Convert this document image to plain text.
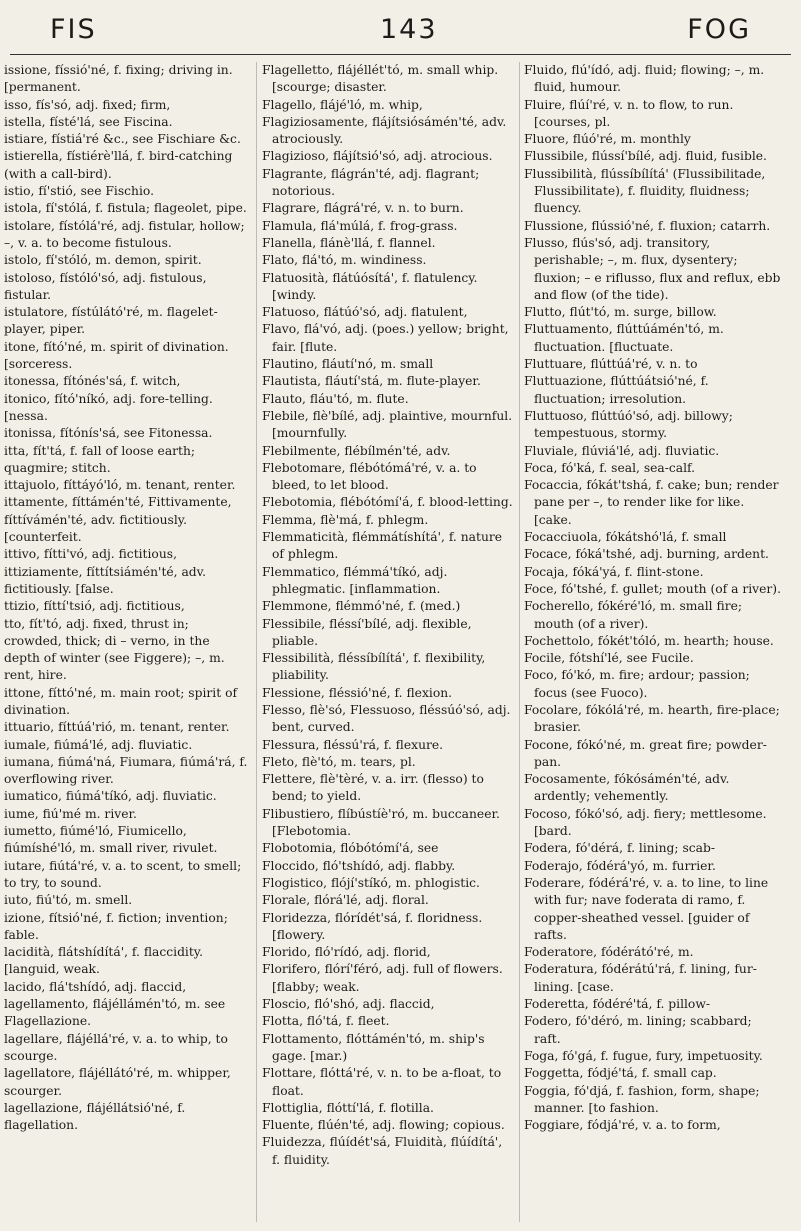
FIS	143	FOG

issione, físsió'né, f. fixing; driving in. [permanent.

isso, fís'só, adj. fixed; firm,

istella, físté'lá, see Fiscina.

istiare, fístiá'ré &c., see Fischiare &c.

istierella, fístiérè'llá, f. bird-catching (with a call-bird).

istio, fí'stió, see Fischio.

istola, fí'stólá, f. fistula; flageolet, pipe.

istolare, fístólá'ré, adj. fistular, hollow; –, v. a. to become fistulous.

istolo, fí'stóló, m. demon, spirit.

istoloso, fístóló'só, adj. fistulous, fistular.

istulatore, fístúlátó'ré, m. flagelet-player, piper.

itone, fító'né, m. spirit of divination. [sorceress.

itonessa, fítónés'sá, f. witch,

itonico, fító'níkó, adj. fore-telling. [nessa.

itonissa, fítónís'sá, see Fitonessa.

itta, fít'tá, f. fall of loose earth; quagmire; stitch.

ittajuolo, fíttáyó'ló, m. tenant, renter.

ittamente, fíttámén'té, Fittivamente, fíttívámén'té, adv. fictitiously. [counterfeit.

ittivo, fítti'vó, adj. fictitious,

ittiziamente, fíttítsiámén'té, adv. fictitiously. [false.

ttizio, fíttí'tsió, adj. fictitious,

tto, fít'tó, adj. fixed, thrust in; crowded, thick; di – verno, in the depth of winter (see Figgere); –, m. rent, hire.

ittone, fíttó'né, m. main root; spirit of divination.

ittuario, fíttúá'rió, m. tenant, renter.

iumale, fiúmá'lé, adj. fluviatic.

iumana, fiúmá'ná, Fiumara, fiúmá'rá, f. overflowing river.

iumatico, fiúmá'tíkó, adj. fluviatic.

iume, fiú'mé m. river.

iumetto, fiúmé'ló, Fiumicello, fiúmíshé'ló, m. small river, rivulet.

iutare, fiútá'ré, v. a. to scent, to smell; to try, to sound.

iuto, fiú'tó, m. smell.

izione, fítsió'né, f. fiction; invention; fable.

lacidità, flátshídítá', f. flaccidity. [languid, weak.

lacido, flá'tshídó, adj. flaccid,

lagellamento, flájéllámén'tó, m. see Flagellazione.

lagellare, flájéllá'ré, v. a. to whip, to scourge.

lagellatore, flájéllátó'ré, m. whipper, scourger.

lagellazione, flájéllátsió'né, f. flagellation.

Flagelletto, flájéllét'tó, m. small whip. [scourge; disaster.

Flagello, flájé'ló, m. whip,

Flagiziosamente, flájítsiósámén'té, adv. atrociously.

Flagizioso, flájítsió'só, adj. atrocious.

Flagrante, flágrán'té, adj. flagrant; notorious.

Flagrare, flágrá'ré, v. n. to burn.

Flamula, flá'múlá, f. frog-grass.

Flanella, flánè'llá, f. flannel.

Flato, flá'tó, m. windiness.

Flatuosità, flátúósítá', f. flatulency. [windy.

Flatuoso, flátúó'só, adj. flatulent,

Flavo, flá'vó, adj. (poes.) yellow; bright, fair. [flute.

Flautino, fláutí'nó, m. small

Flautista, fláutí'stá, m. flute-player.

Flauto, fláu'tó, m. flute.

Flebile, flè'bílé, adj. plaintive, mournful. [mournfully.

Flebilmente, flébílmén'té, adv.

Flebotomare, flébótómá'ré, v. a. to bleed, to let blood.

Flebotomia, flébótómí'á, f. blood-letting.

Flemma, flè'má, f. phlegm.

Flemmaticità, flémmátíshítá', f. nature of phlegm.

Flemmatico, flémmá'tíkó, adj. phlegmatic. [inflammation.

Flemmone, flémmó'né, f. (med.)

Flessibile, fléssí'bílé, adj. flexible, pliable.

Flessibilità, fléssíbílítá', f. flexibility, pliability.

Flessione, fléssió'né, f. flexion.

Flesso, flè'só, Flessuoso, fléssúó'só, adj. bent, curved.

Flessura, fléssú'rá, f. flexure.

Fleto, flè'tó, m. tears, pl.

Flettere, flè'tèré, v. a. irr. (flesso) to bend; to yield.

Flibustiero, flíbústíè'ró, m. buccaneer. [Flebotomia.

Flobotomia, flóbótómí'á, see

Floccido, fló'tshídó, adj. flabby.

Flogistico, flójí'stíkó, m. phlogistic.

Florale, flórá'lé, adj. floral.

Floridezza, flórídét'sá, f. floridness. [flowery.

Florido, fló'rídó, adj. florid,

Florifero, flórí'féró, adj. full of flowers. [flabby; weak.

Floscio, fló'shó, adj. flaccid,

Flotta, fló'tá, f. fleet.

Flottamento, flóttámén'tó, m. ship's gage. [mar.)

Flottare, flóttá'ré, v. n. to be a-float, to float.

Flottiglia, flóttí'lá, f. flotilla.

Fluente, flúén'té, adj. flowing; copious.

Fluidezza, flúídét'sá, Fluidità, flúídítá', f. fluidity.

Fluido, flú'ídó, adj. fluid; flowing; –, m. fluid, humour.

Fluire, flúí'ré, v. n. to flow, to run. [courses, pl.

Fluore, flúó'ré, m. monthly

Flussibile, flússí'bílé, adj. fluid, fusible.

Flussibilità, flússíbílítá' (Flussibilitade, Flussibilitate), f. fluidity, fluidness; fluency.

Flussione, flússió'né, f. fluxion; catarrh.

Flusso, flús'só, adj. transitory, perishable; –, m. flux, dysentery; fluxion; – e riflusso, flux and reflux, ebb and flow (of the tide).

Flutto, flút'tó, m. surge, billow.

Fluttuamento, flúttúámén'tó, m. fluctuation. [fluctuate.

Fluttuare, flúttúá'ré, v. n. to

Fluttuazione, flúttúátsió'né, f. fluctuation; irresolution.

Fluttuoso, flúttúó'só, adj. billowy; tempestuous, stormy.

Fluviale, flúviá'lé, adj. fluviatic.

Foca, fó'ká, f. seal, sea-calf.

Focaccia, fókát'tshá, f. cake; bun; render pane per –, to render like for like. [cake.

Focacciuola, fókátshó'lá, f. small

Focace, fóká'tshé, adj. burning, ardent.

Focaja, fóká'yá, f. flint-stone.

Foce, fó'tshé, f. gullet; mouth (of a river).

Focherello, fókéré'ló, m. small fire; mouth (of a river).

Fochettolo, fókét'tóló, m. hearth; house.

Focile, fótshí'lé, see Fucile.

Foco, fó'kó, m. fire; ardour; passion; focus (see Fuoco).

Focolare, fókólá'ré, m. hearth, fire-place; brasier.

Focone, fókó'né, m. great fire; powder-pan.

Focosamente, fókósámén'té, adv. ardently; vehemently.

Focoso, fókó'só, adj. fiery; mettlesome. [bard.

Fodera, fó'dérá, f. lining; scab-

Foderajo, fódérá'yó, m. furrier.

Foderare, fódérá'ré, v. a. to line, to line with fur; nave foderata di ramo, f. copper-sheathed vessel. [guider of rafts.

Foderatore, fódérátó'ré, m.

Foderatura, fódérátú'rá, f. lining, fur-lining. [case.

Foderetta, fódéré'tá, f. pillow-

Fodero, fó'déró, m. lining; scabbard; raft.

Foga, fó'gá, f. fugue, fury, impetuosity.

Foggetta, fódjé'tá, f. small cap.

Foggia, fó'djá, f. fashion, form, shape; manner. [to fashion.

Foggiare, fódjá'ré, v. a. to form,
